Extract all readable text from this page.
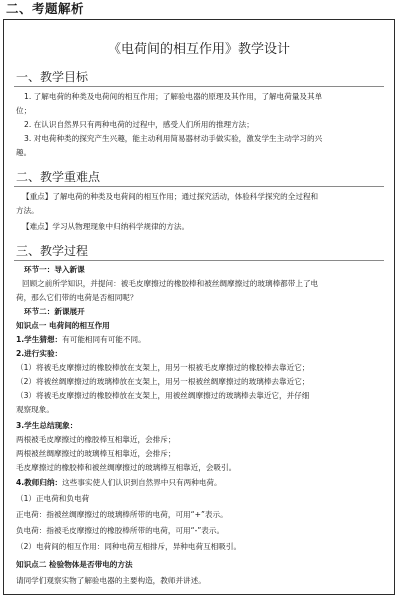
二、考题解析
《电荷间的相互作用》教学设计
一、教学目标
1. 了解电荷的种类及电荷间的相互作用；了解验电器的原理及其作用，了解电荷量及其单
位；
2. 在认识自然界只有两种电荷的过程中，感受人们所用的推理方法；
3. 对电荷种类的探究产生兴趣，能主动利用简易器材动手做实验，激发学生主动学习的兴
趣。
二、教学重难点
【重点】了解电荷的种类及电荷间的相互作用；通过探究活动，体验科学探究的全过程和
方法。
【难点】学习从物理现象中归纳科学规律的方法。
三、教学过程
环节一：导入新课
回顾之前所学知识，并提问：被毛皮摩擦过的橡胶棒和被丝绸摩擦过的玻璃棒都带上了电
荷，那么它们带的电荷是否相同呢？
环节二：新课展开
知识点一 电荷间的相互作用
1.学生猜想：有可能相同有可能不同。
2.进行实验：
（1）将被毛皮摩擦过的橡胶棒放在支架上，用另一根被毛皮摩擦过的橡胶棒去靠近它；
（2）将被丝绸摩擦过的玻璃棒放在支架上，用另一根被丝绸摩擦过的玻璃棒去靠近它；
（3）将被毛皮摩擦过的橡胶棒放在支架上，用被丝绸摩擦过的玻璃棒去靠近它，并仔细
观察现象。
3.学生总结现象：
两根被毛皮摩擦过的橡胶棒互相靠近，会排斥；
两根被丝绸摩擦过的玻璃棒互相靠近，会排斥；
毛皮摩擦过的橡胶棒和被丝绸摩擦过的玻璃棒互相靠近，会吸引。
4.教师归纳：这些事实使人们认识到自然界中只有两种电荷。
（1）正电荷和负电荷
正电荷：指被丝绸摩擦过的玻璃棒所带的电荷，可用“+”表示。
负电荷：指被毛皮摩擦过的橡胶棒所带的电荷，可用“-”表示。
（2）电荷间的相互作用：同种电荷互相排斥，异种电荷互相吸引。
知识点二 检验物体是否带电的方法
请同学们观察实物了解验电器的主要构造，教师并讲述。
